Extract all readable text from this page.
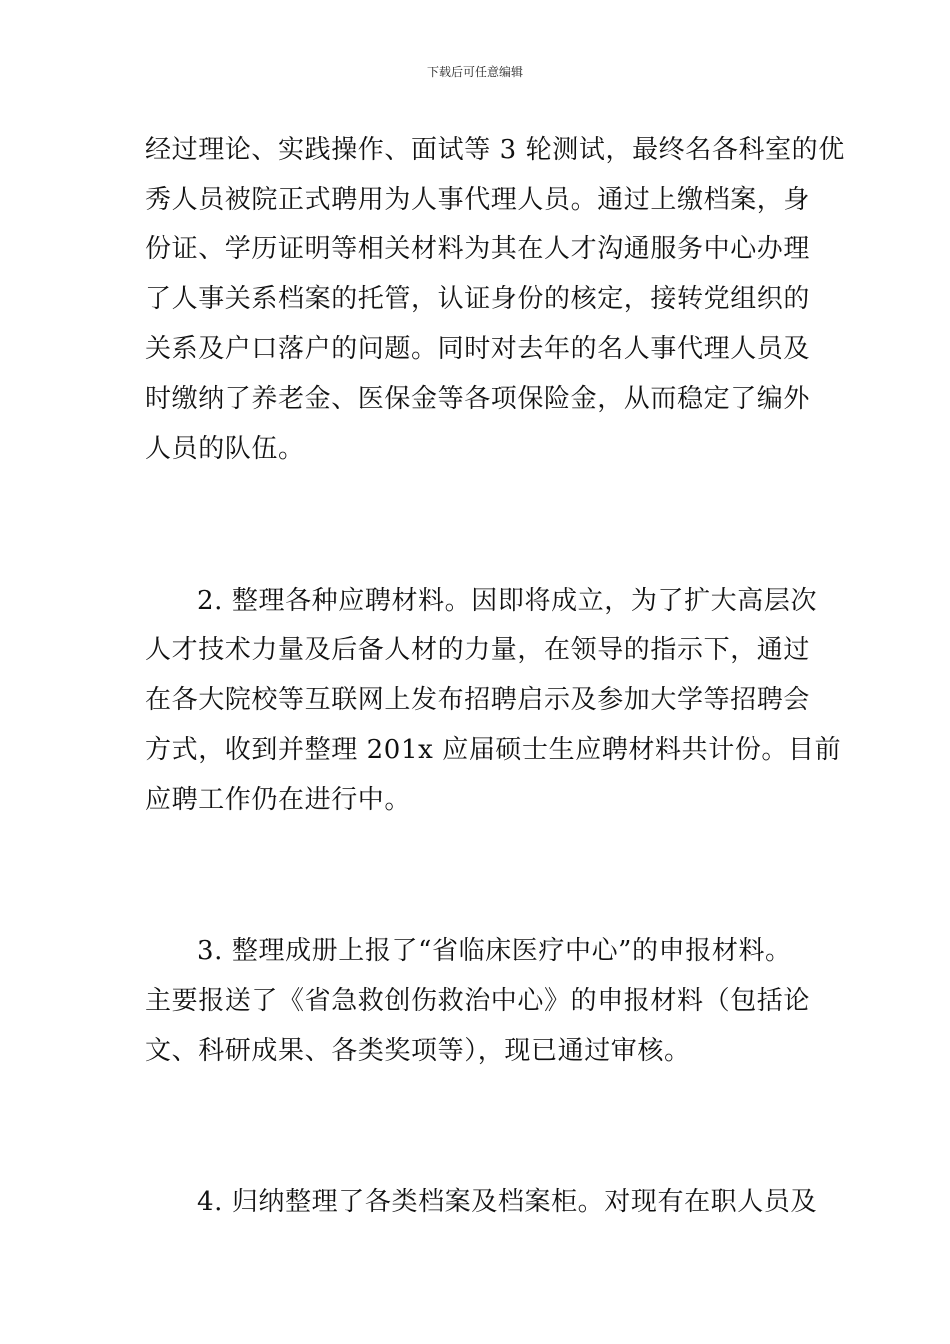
下载后可任意编辑
经过理论、实践操作、面试等 3 轮测试，最终名各科室的优
秀人员被院正式聘用为人事代理人员。通过上缴档案，身
份证、学历证明等相关材料为其在人才沟通服务中心办理
了人事关系档案的托管，认证身份的核定，接转党组织的
关系及户口落户的问题。同时对去年的名人事代理人员及
时缴纳了养老金、医保金等各项保险金，从而稳定了编外
人员的队伍。
2. 整理各种应聘材料。因即将成立，为了扩大高层次
人才技术力量及后备人材的力量，在领导的指示下，通过
在各大院校等互联网上发布招聘启示及参加大学等招聘会
方式，收到并整理 201x 应届硕士生应聘材料共计份。目前
应聘工作仍在进行中。
3. 整理成册上报了“省临床医疗中心”的申报材料。
主要报送了《省急救创伤救治中心》的申报材料（包括论
文、科研成果、各类奖项等），现已通过审核。
4. 归纳整理了各类档案及档案柜。对现有在职人员及
